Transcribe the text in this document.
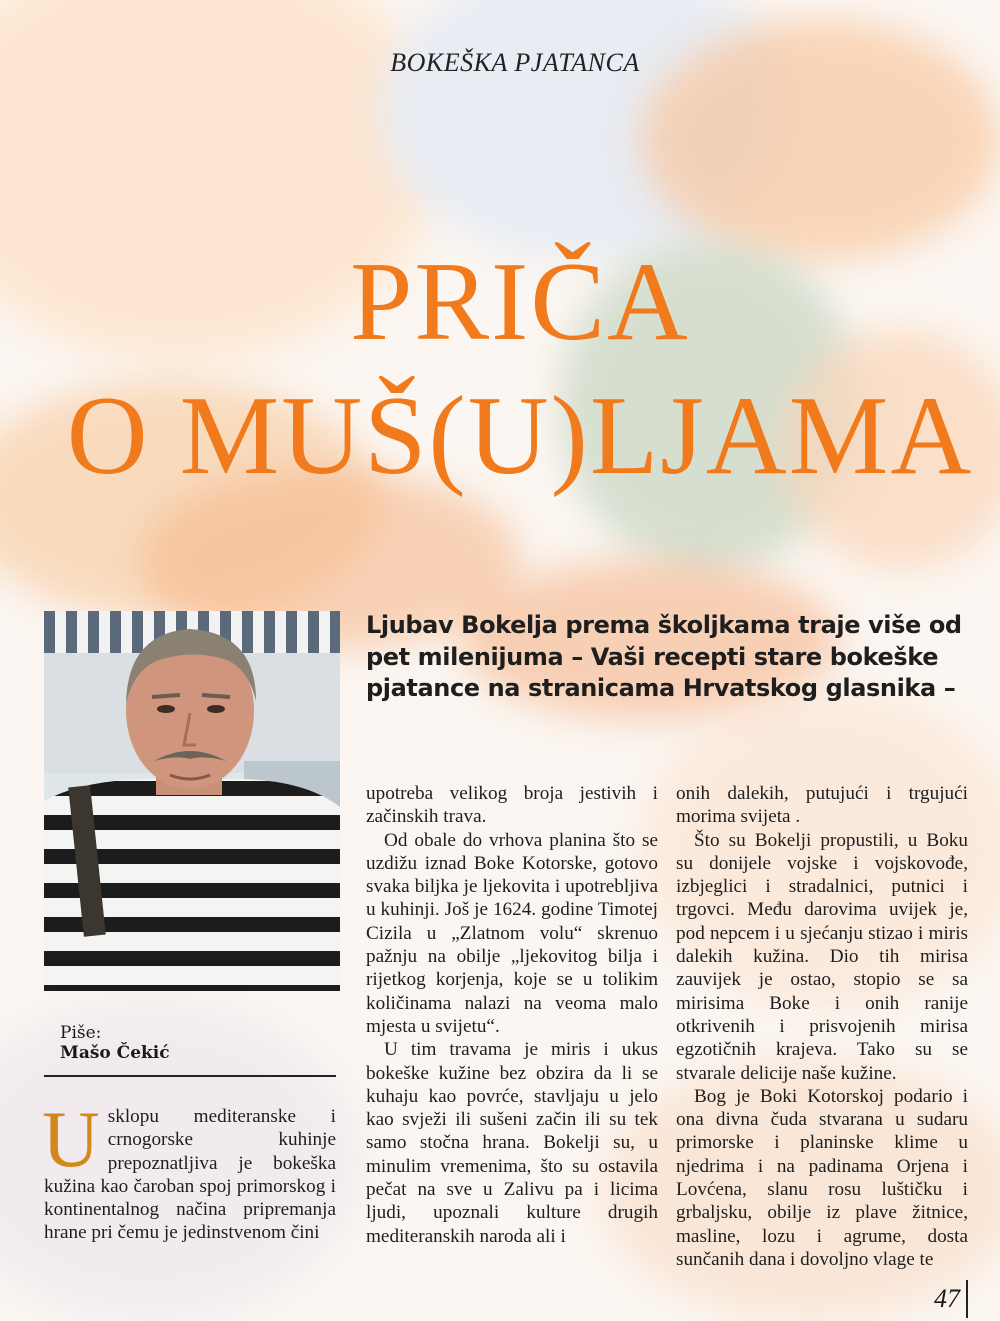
BOKEŠKA PJATANCA
PRIČA
O MUŠ(U)LJAMA
Piše:
Mašo Čekić
Ljubav Bokelja prema školjkama traje više od pet milenijuma – Vaši recepti stare bokeške pjatance na stranicama Hrvatskog glasnika –

Usklopu mediteranske i crnogorske kuhinje prepoznatljiva je bokeška kužina kao čaroban spoj primorskog i kontinentalnog načina pripremanja hrane pri čemu je jedinstvenom čini

upotreba velikog broja jestivih i začinskih trava.

Od obale do vrhova planina što se uzdižu iznad Boke Kotorske, gotovo svaka biljka je ljekovita i upotrebljiva u kuhinji. Još je 1624. godine Timotej Cizila u „Zlatnom volu“ skrenuo pažnju na obilje „ljekovitog bilja i rijetkog korjenja, koje se u tolikim količinama nalazi na veoma malo mjesta u svijetu“.

U tim travama je miris i ukus bokeške kužine bez obzira da li se kuhaju kao povrće, stavljaju u jelo kao svježi ili sušeni začin ili su tek samo stočna hrana. Bokelji su, u minulim vremenima, što su ostavila pečat na sve u Zalivu pa i licima ljudi, upoznali kulture drugih mediteranskih naroda ali i

onih dalekih, putujući i trgujući morima svijeta .

Što su Bokelji propustili, u Boku su donijele vojske i vojskovođe, izbjeglici i stradalnici, putnici i trgovci. Među darovima uvijek je, pod nepcem i u sjećanju stizao i miris dalekih kužina. Dio tih mirisa zauvijek je ostao, stopio se sa mirisima Boke i onih ranije otkrivenih i prisvojenih mirisa egzotičnih krajeva. Tako su se stvarale delicije naše kužine.

Bog je Boki Kotorskoj podario i ona divna čuda stvarana u sudaru primorske i planinske klime u njedrima i na padinama Orjena i Lovćena, slanu rosu luštičku i grbaljsku, obilje iz plave žitnice, masline, lozu i agrume, dosta sunčanih dana i dovoljno vlage te

47
